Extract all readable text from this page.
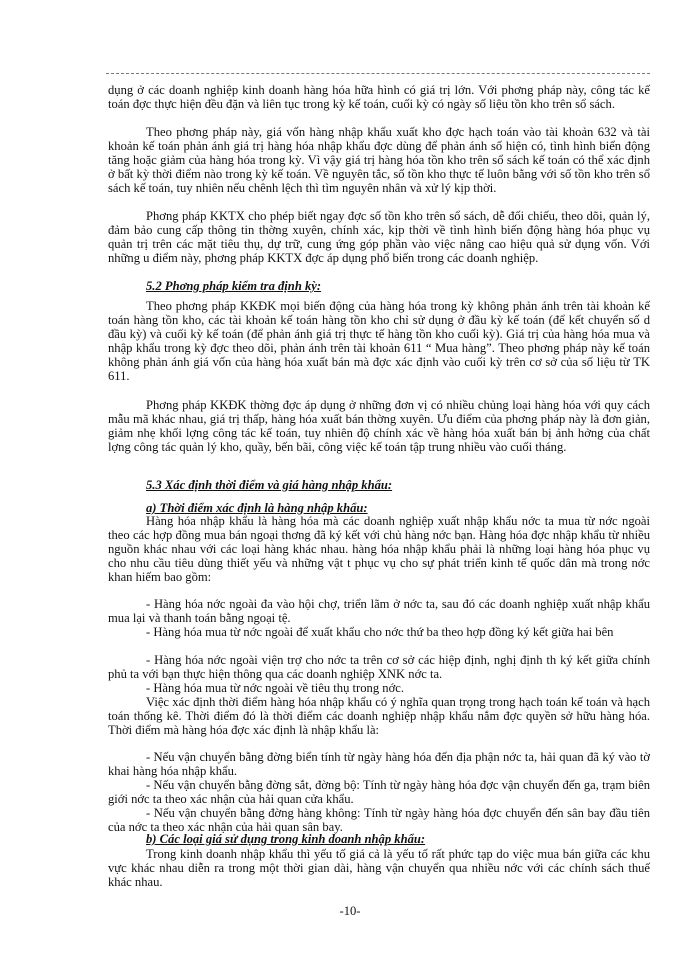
dụng ở các doanh nghiệp kinh doanh hàng hóa hữa hình có giá trị lớn. Với phơng pháp này, công tác kế toán đợc thực hiện đều đặn và liên tục trong kỳ kế toán, cuối kỳ có ngày số liệu tồn kho trên sổ sách.

Theo phơng pháp này, giá vốn hàng nhập khẩu xuất kho đợc hạch toán vào tài khoản 632 và tài khoản kế toán phản ánh giá trị hàng hóa nhập khẩu đợc dùng để phản ánh số hiện có, tình hình biến động tăng hoặc giảm của hàng hóa trong kỳ. Vì vậy giá trị hàng hóa tồn kho trên sổ sách kế toán có thể xác định ở bất kỳ thời điểm nào trong kỳ kế toán. Về nguyên tắc, số tồn kho thực tế luôn bằng với số tồn kho trên sổ sách kế toán, tuy nhiên nếu chênh lệch thì tìm nguyên nhân và xử lý kịp thời.

Phơng pháp KKTX cho phép biết ngay đợc số tồn kho trên sổ sách, dễ đối chiếu, theo dõi, quản lý, đảm bảo cung cấp thông tin thờng xuyên, chính xác, kịp thời về tình hình biến động hàng hóa phục vụ quản trị trên các mặt tiêu thụ, dự trữ, cung ứng góp phần vào việc nâng cao hiệu quả sử dụng vốn. Với những u điểm này, phơng pháp KKTX đợc áp dụng phổ biến trong các doanh nghiệp.

5.2 Phơng pháp kiểm tra định kỳ:

Theo phơng pháp KKĐK mọi biến động của hàng hóa trong kỳ không phản ánh trên tài khoản kế toán hàng tồn kho, các tài khoản kế toán hàng tồn kho chỉ sử dụng ở đầu kỳ kế toán (để kết chuyển số d đầu kỳ) và cuối kỳ kế toán (để phản ánh giá trị thực tế hàng tồn kho cuối kỳ). Giá trị của hàng hóa mua và nhập khẩu trong kỳ đợc theo dõi, phản ánh trên tài khoản 611 “ Mua hàng”. Theo phơng pháp này kế toán không phản ánh giá vốn của hàng hóa xuất bán mà đợc xác định vào cuối kỳ trên cơ sở của số liệu từ TK 611.

Phơng pháp KKĐK thờng đợc áp dụng ở những đơn vị có nhiều chủng loại hàng hóa với quy cách mẫu mã khác nhau, giá trị thấp, hàng hóa xuất bán thờng xuyên. Ưu điểm của phơng pháp này là đơn giản, giảm nhẹ khối lợng công tác kế toán, tuy nhiên độ chính xác về hàng hóa xuất bán bị ảnh hởng của chất lợng công tác quản lý kho, quầy, bến bãi, công việc kế toán tập trung nhiều vào cuối tháng.

5.3 Xác định thời điểm và giá hàng nhập khẩu:

a) Thời điểm xác định là hàng nhập khẩu:

Hàng hóa nhập khẩu là hàng hóa mà các doanh nghiệp xuất nhập khẩu nớc ta mua từ nớc ngoài theo các hợp đồng mua bán ngoại thơng đã ký kết với chủ hàng nớc bạn. Hàng hóa đợc nhập khẩu từ nhiều nguồn khác nhau với các loại hàng khác nhau. hàng hóa nhập khẩu phải là những loại hàng hóa phục vụ cho nhu cầu tiêu dùng thiết yếu và những vật t phục vụ cho sự phát triển kinh tế quốc dân mà trong nớc khan hiếm bao gồm:

- Hàng hóa nớc ngoài đa vào hội chợ, triển lãm ở nớc ta, sau đó các doanh nghiệp xuất nhập khẩu mua lại và thanh toán bằng ngoại tệ.

- Hàng hóa mua từ nớc ngoài để xuất khẩu cho nớc thứ ba theo hợp đồng ký kết giữa hai bên

- Hàng hóa nớc ngoài viện trợ cho nớc ta trên cơ sở các hiệp định, nghị định th ký kết giữa chính phủ ta với bạn thực hiện thông qua các doanh nghiệp XNK nớc ta.

- Hàng hóa mua từ nớc ngoài về tiêu thụ trong nớc.

Việc xác định thời điểm hàng hóa nhập khẩu có ý nghĩa quan trọng trong hạch toán kế toán và hạch toán thống kê. Thời điểm đó là thời điểm các doanh nghiệp nhập khẩu nắm đợc quyền sở hữu hàng hóa. Thời điểm mà hàng hóa đợc xác định là nhập khẩu là:

- Nếu vận chuyển bằng đờng biển tính từ ngày hàng hóa đến địa phận nớc ta, hải quan đã ký vào tờ khai hàng hóa nhập khẩu.

- Nếu vận chuyển bằng đờng sắt, đờng bộ: Tính từ ngày hàng hóa đợc vận chuyển đến ga, trạm biên giới nớc ta theo xác nhận của hải quan cửa khẩu.

- Nếu vận chuyển bằng đờng hàng không: Tính từ ngày hàng hóa đợc chuyển đến sân bay đầu tiên của nớc ta theo xác nhận của hải quan sân bay.

b) Các loại giá sử dụng trong kinh doanh nhập khẩu:

Trong kinh doanh nhập khẩu thì yếu tố giá cả là yếu tố rất phức tạp do việc mua bán giữa các khu vực khác nhau diễn ra trong một thời gian dài, hàng vận chuyển qua nhiều nớc với các chính sách thuế khác nhau.

-10-
